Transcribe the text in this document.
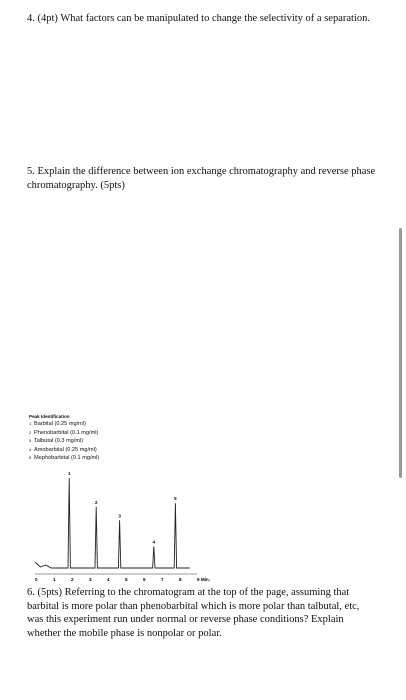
4. (4pt) What factors can be manipulated to change the selectivity of a separation.

5. Explain the difference between ion exchange chromatography and reverse phase chromatography. (5pts)

Peak Identification
1 Barbital (0.25 mg/ml)
2 Phenobarbital (0.1 mg/ml)
3 Talbutal (0.3 mg/ml)
4 Amobarbital (0.25 mg/ml)
5 Mephobarbital (0.1 mg/ml)
1
2
3
4
5
0	1	2	3	4	5	6	7	8	9 Min.

6. (5pts) Referring to the chromatogram at the top of the page, assuming that barbital is more polar than phenobarbital which is more polar than talbutal, etc, was this experiment run under normal or reverse phase conditions? Explain whether the mobile phase is nonpolar or polar.
